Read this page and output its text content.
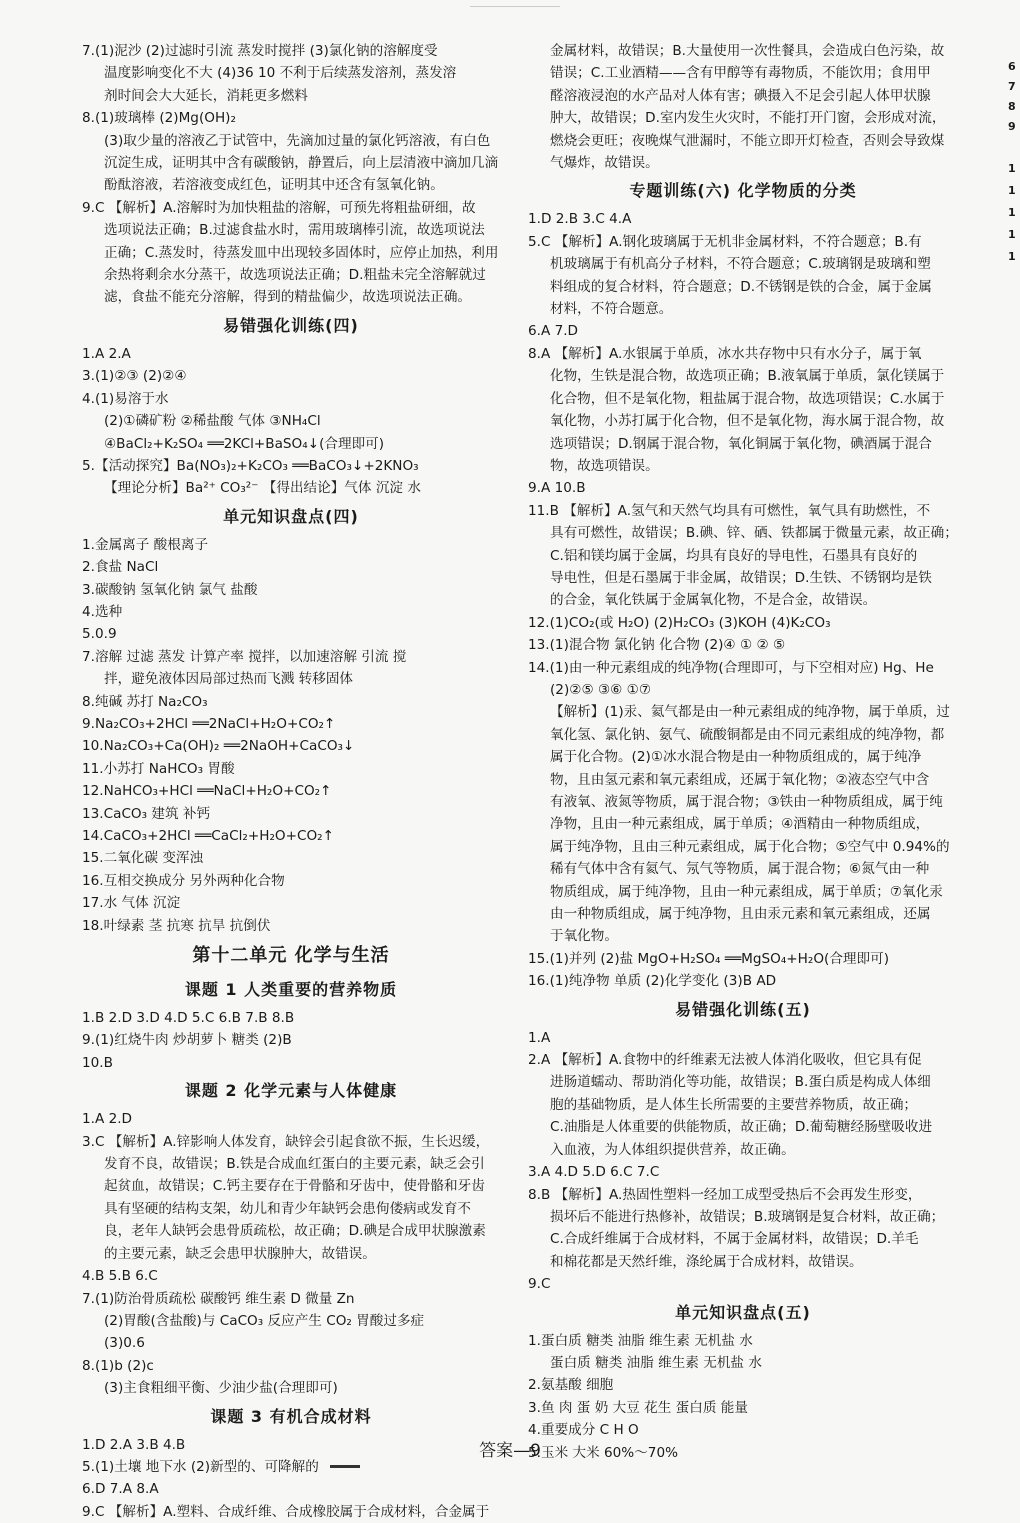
7.(1)泥沙 (2)过滤时引流 蒸发时搅拌 (3)氯化钠的溶解度受
温度影响变化不大 (4)36 10 不利于后续蒸发溶剂，蒸发溶
剂时间会大大延长，消耗更多燃料
8.(1)玻璃棒 (2)Mg(OH)₂
(3)取少量的溶液乙于试管中，先滴加过量的氯化钙溶液，有白色
沉淀生成，证明其中含有碳酸钠，静置后，向上层清液中滴加几滴
酚酞溶液，若溶液变成红色，证明其中还含有氢氧化钠。
9.C 【解析】A.溶解时为加快粗盐的溶解，可预先将粗盐研细，故
选项说法正确；B.过滤食盐水时，需用玻璃棒引流，故选项说法
正确；C.蒸发时，待蒸发皿中出现较多固体时，应停止加热，利用
余热将剩余水分蒸干，故选项说法正确；D.粗盐未完全溶解就过
滤，食盐不能充分溶解，得到的精盐偏少，故选项说法正确。
易错强化训练(四)
1.A 2.A
3.(1)②③ (2)②④
4.(1)易溶于水
(2)①磷矿粉 ②稀盐酸 气体 ③NH₄Cl
④BaCl₂+K₂SO₄ ══2KCl+BaSO₄↓(合理即可)
5.【活动探究】Ba(NO₃)₂+K₂CO₃ ══BaCO₃↓+2KNO₃
【理论分析】Ba²⁺ CO₃²⁻ 【得出结论】气体 沉淀 水
单元知识盘点(四)
1.金属离子 酸根离子
2.食盐 NaCl
3.碳酸钠 氢氧化钠 氯气 盐酸
4.选种
5.0.9
7.溶解 过滤 蒸发 计算产率 搅拌，以加速溶解 引流 搅
拌，避免液体因局部过热而飞溅 转移固体
8.纯碱 苏打 Na₂CO₃
9.Na₂CO₃+2HCl ══2NaCl+H₂O+CO₂↑
10.Na₂CO₃+Ca(OH)₂ ══2NaOH+CaCO₃↓
11.小苏打 NaHCO₃ 胃酸
12.NaHCO₃+HCl ══NaCl+H₂O+CO₂↑
13.CaCO₃ 建筑 补钙
14.CaCO₃+2HCl ══CaCl₂+H₂O+CO₂↑
15.二氧化碳 变浑浊
16.互相交换成分 另外两种化合物
17.水 气体 沉淀
18.叶绿素 茎 抗寒 抗旱 抗倒伏
第十二单元 化学与生活
课题 1 人类重要的营养物质
1.B 2.D 3.D 4.D 5.C 6.B 7.B 8.B
9.(1)红烧牛肉 炒胡萝卜 糖类 (2)B
10.B
课题 2 化学元素与人体健康
1.A 2.D
3.C 【解析】A.锌影响人体发育，缺锌会引起食欲不振，生长迟缓，
发育不良，故错误；B.铁是合成血红蛋白的主要元素，缺乏会引
起贫血，故错误；C.钙主要存在于骨骼和牙齿中，使骨骼和牙齿
具有坚硬的结构支架，幼儿和青少年缺钙会患佝偻病或发育不
良，老年人缺钙会患骨质疏松，故正确；D.碘是合成甲状腺激素
的主要元素，缺乏会患甲状腺肿大，故错误。
4.B 5.B 6.C
7.(1)防治骨质疏松 碳酸钙 维生素 D 微量 Zn
(2)胃酸(含盐酸)与 CaCO₃ 反应产生 CO₂ 胃酸过多症
(3)0.6
8.(1)b (2)c
(3)主食粗细平衡、少油少盐(合理即可)
课题 3 有机合成材料
1.D 2.A 3.B 4.B
5.(1)土壤 地下水 (2)新型的、可降解的
6.D 7.A 8.A
9.C 【解析】A.塑料、合成纤维、合成橡胶属于合成材料，合金属于
金属材料，故错误；B.大量使用一次性餐具，会造成白色污染，故
错误；C.工业酒精——含有甲醇等有毒物质，不能饮用；食用甲
醛溶液浸泡的水产品对人体有害；碘摄入不足会引起人体甲状腺
肿大，故错误；D.室内发生火灾时，不能打开门窗，会形成对流，
燃烧会更旺；夜晚煤气泄漏时，不能立即开灯检查，否则会导致煤
气爆炸，故错误。
专题训练(六) 化学物质的分类
1.D 2.B 3.C 4.A
5.C 【解析】A.钢化玻璃属于无机非金属材料，不符合题意；B.有
机玻璃属于有机高分子材料，不符合题意；C.玻璃钢是玻璃和塑
料组成的复合材料，符合题意；D.不锈钢是铁的合金，属于金属
材料，不符合题意。
6.A 7.D
8.A 【解析】A.水银属于单质，冰水共存物中只有水分子，属于氧
化物，生铁是混合物，故选项正确；B.液氧属于单质，氯化镁属于
化合物，但不是氧化物，粗盐属于混合物，故选项错误；C.水属于
氧化物，小苏打属于化合物，但不是氧化物，海水属于混合物，故
选项错误；D.钢属于混合物，氧化铜属于氧化物，碘酒属于混合
物，故选项错误。
9.A 10.B
11.B 【解析】A.氢气和天然气均具有可燃性，氧气具有助燃性，不
具有可燃性，故错误；B.碘、锌、硒、铁都属于微量元素，故正确；
C.铝和镁均属于金属，均具有良好的导电性，石墨具有良好的
导电性，但是石墨属于非金属，故错误；D.生铁、不锈钢均是铁
的合金，氧化铁属于金属氧化物，不是合金，故错误。
12.(1)CO₂(或 H₂O) (2)H₂CO₃ (3)KOH (4)K₂CO₃
13.(1)混合物 氯化钠 化合物 (2)④ ① ② ⑤
14.(1)由一种元素组成的纯净物(合理即可，与下空相对应) Hg、He
(2)②⑤ ③⑥ ①⑦
【解析】(1)汞、氦气都是由一种元素组成的纯净物，属于单质，过
氧化氢、氯化钠、氨气、硫酸铜都是由不同元素组成的纯净物，都
属于化合物。(2)①冰水混合物是由一种物质组成的，属于纯净
物，且由氢元素和氧元素组成，还属于氧化物；②液态空气中含
有液氧、液氮等物质，属于混合物；③铁由一种物质组成，属于纯
净物，且由一种元素组成，属于单质；④酒精由一种物质组成，
属于纯净物，且由三种元素组成，属于化合物；⑤空气中 0.94%的
稀有气体中含有氦气、氖气等物质，属于混合物；⑥氮气由一种
物质组成，属于纯净物，且由一种元素组成，属于单质；⑦氧化汞
由一种物质组成，属于纯净物，且由汞元素和氧元素组成，还属
于氧化物。
15.(1)并列 (2)盐 MgO+H₂SO₄ ══MgSO₄+H₂O(合理即可)
16.(1)纯净物 单质 (2)化学变化 (3)B AD
易错强化训练(五)
1.A
2.A 【解析】A.食物中的纤维素无法被人体消化吸收，但它具有促
进肠道蠕动、帮助消化等功能，故错误；B.蛋白质是构成人体细
胞的基础物质，是人体生长所需要的主要营养物质，故正确；
C.油脂是人体重要的供能物质，故正确；D.葡萄糖经肠壁吸收进
入血液，为人体组织提供营养，故正确。
3.A 4.D 5.D 6.C 7.C
8.B 【解析】A.热固性塑料一经加工成型受热后不会再发生形变，
损坏后不能进行热修补，故错误；B.玻璃钢是复合材料，故正确；
C.合成纤维属于合成材料，不属于金属材料，故错误；D.羊毛
和棉花都是天然纤维，涤纶属于合成材料，故错误。
9.C
单元知识盘点(五)
1.蛋白质 糖类 油脂 维生素 无机盐 水
蛋白质 糖类 油脂 维生素 无机盐 水
2.氨基酸 细胞
3.鱼 肉 蛋 奶 大豆 花生 蛋白质 能量
4.重要成分 C H O
5.玉米 大米 60%～70%
6
7
8
9
1
1
1
1
1
答案—9
